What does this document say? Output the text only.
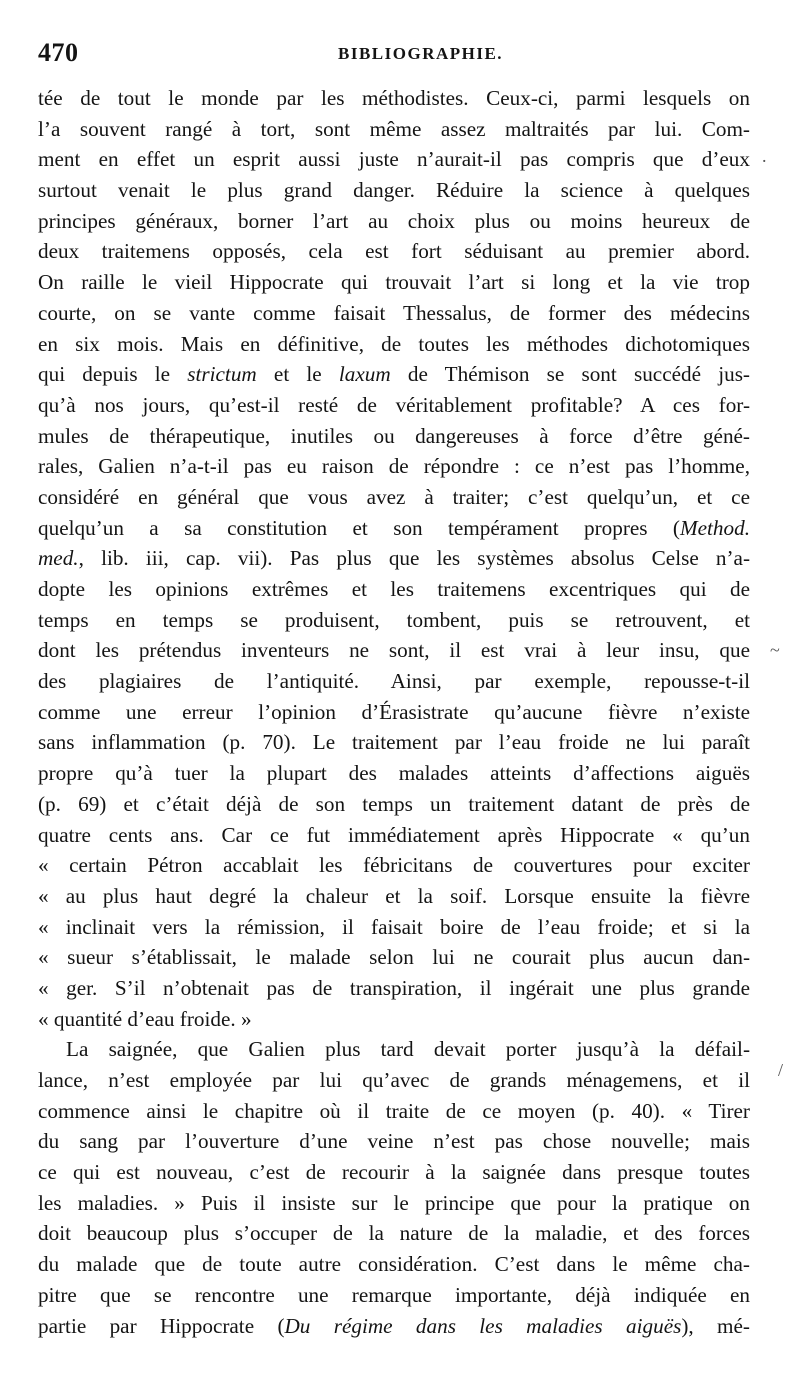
470	BIBLIOGRAPHIE.
tée de tout le monde par les méthodistes. Ceux-ci, parmi lesquels on
l’a souvent rangé à tort, sont même assez maltraités par lui. Com-
ment en effet un esprit aussi juste n’aurait-il pas compris que d’eux
surtout venait le plus grand danger. Réduire la science à quelques
principes généraux, borner l’art au choix plus ou moins heureux de
deux traitemens opposés, cela est fort séduisant au premier abord.
On raille le vieil Hippocrate qui trouvait l’art si long et la vie trop
courte, on se vante comme faisait Thessalus, de former des médecins
en six mois. Mais en définitive, de toutes les méthodes dichotomiques
qui depuis le strictum et le laxum de Thémison se sont succédé jus-
qu’à nos jours, qu’est-il resté de véritablement profitable? A ces for-
mules de thérapeutique, inutiles ou dangereuses à force d’être géné-
rales, Galien n’a-t-il pas eu raison de répondre : ce n’est pas l’homme,
considéré en général que vous avez à traiter; c’est quelqu’un, et ce
quelqu’un a sa constitution et son tempérament propres (Method.
med., lib. iii, cap. vii). Pas plus que les systèmes absolus Celse n’a-
dopte les opinions extrêmes et les traitemens excentriques qui de
temps en temps se produisent, tombent, puis se retrouvent, et
dont les prétendus inventeurs ne sont, il est vrai à leur insu, que
des plagiaires de l’antiquité. Ainsi, par exemple, repousse-t-il
comme une erreur l’opinion d’Érasistrate qu’aucune fièvre n’existe
sans inflammation (p. 70). Le traitement par l’eau froide ne lui paraît
propre qu’à tuer la plupart des malades atteints d’affections aiguës
(p. 69) et c’était déjà de son temps un traitement datant de près de
quatre cents ans. Car ce fut immédiatement après Hippocrate « qu’un
« certain Pétron accablait les fébricitans de couvertures pour exciter
« au plus haut degré la chaleur et la soif. Lorsque ensuite la fièvre
« inclinait vers la rémission, il faisait boire de l’eau froide; et si la
« sueur s’établissait, le malade selon lui ne courait plus aucun dan-
« ger. S’il n’obtenait pas de transpiration, il ingérait une plus grande
« quantité d’eau froide. »
La saignée, que Galien plus tard devait porter jusqu’à la défail-
lance, n’est employée par lui qu’avec de grands ménagemens, et il
commence ainsi le chapitre où il traite de ce moyen (p. 40). « Tirer
du sang par l’ouverture d’une veine n’est pas chose nouvelle; mais
ce qui est nouveau, c’est de recourir à la saignée dans presque toutes
les maladies. » Puis il insiste sur le principe que pour la pratique on
doit beaucoup plus s’occuper de la nature de la maladie, et des forces
du malade que de toute autre considération. C’est dans le même cha-
pitre que se rencontre une remarque importante, déjà indiquée en
partie par Hippocrate (Du régime dans les maladies aiguës), mé-
.
~
/
